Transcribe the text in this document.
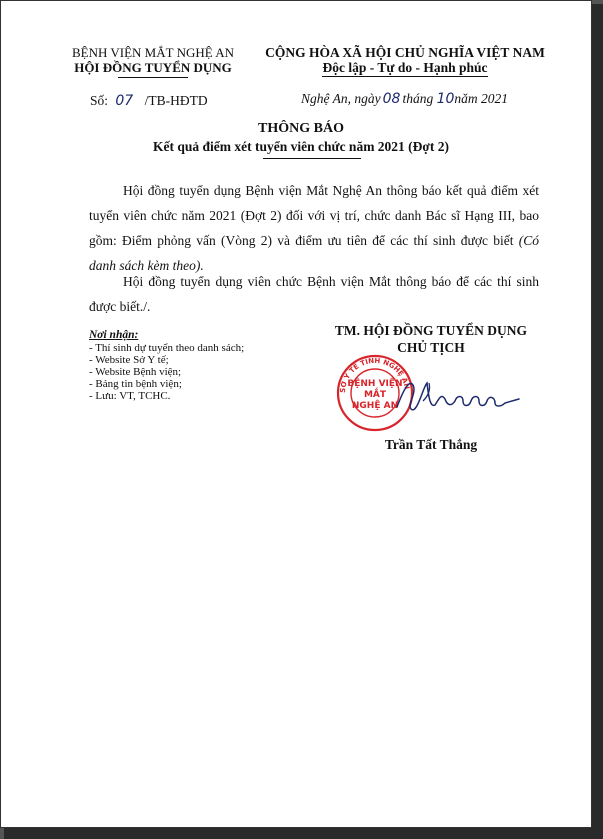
BỆNH VIỆN MẮT NGHỆ AN
HỘI ĐỒNG TUYỂN DỤNG
CỘNG HÒA XÃ HỘI CHỦ NGHĨA VIỆT NAM
Độc lập - Tự do - Hạnh phúc
Số: 07 /TB-HĐTD	Nghệ An, ngày 08 tháng 10năm 2021
THÔNG BÁO
Kết quả điểm xét tuyển viên chức năm 2021 (Đợt 2)
Hội đồng tuyển dụng Bệnh viện Mắt Nghệ An thông báo kết quả điểm xét tuyển viên chức năm 2021 (Đợt 2) đối với vị trí, chức danh Bác sĩ Hạng III, bao gồm: Điểm phỏng vấn (Vòng 2) và điểm ưu tiên để các thí sinh được biết (Có danh sách kèm theo).
Hội đồng tuyển dụng viên chức Bệnh viện Mắt thông báo để các thí sinh được biết./.
Nơi nhận:
- Thí sinh dự tuyển theo danh sách;
- Website Sở Y tế;
- Website Bệnh viện;
- Bảng tin bệnh viện;
- Lưu: VT, TCHC.
TM. HỘI ĐỒNG TUYỂN DỤNG
CHỦ TỊCH
SỞ Y TẾ TỈNH NGHỆ AN
BỆNH VIỆN
MẮT
NGHỆ AN
Trần Tất Thắng
